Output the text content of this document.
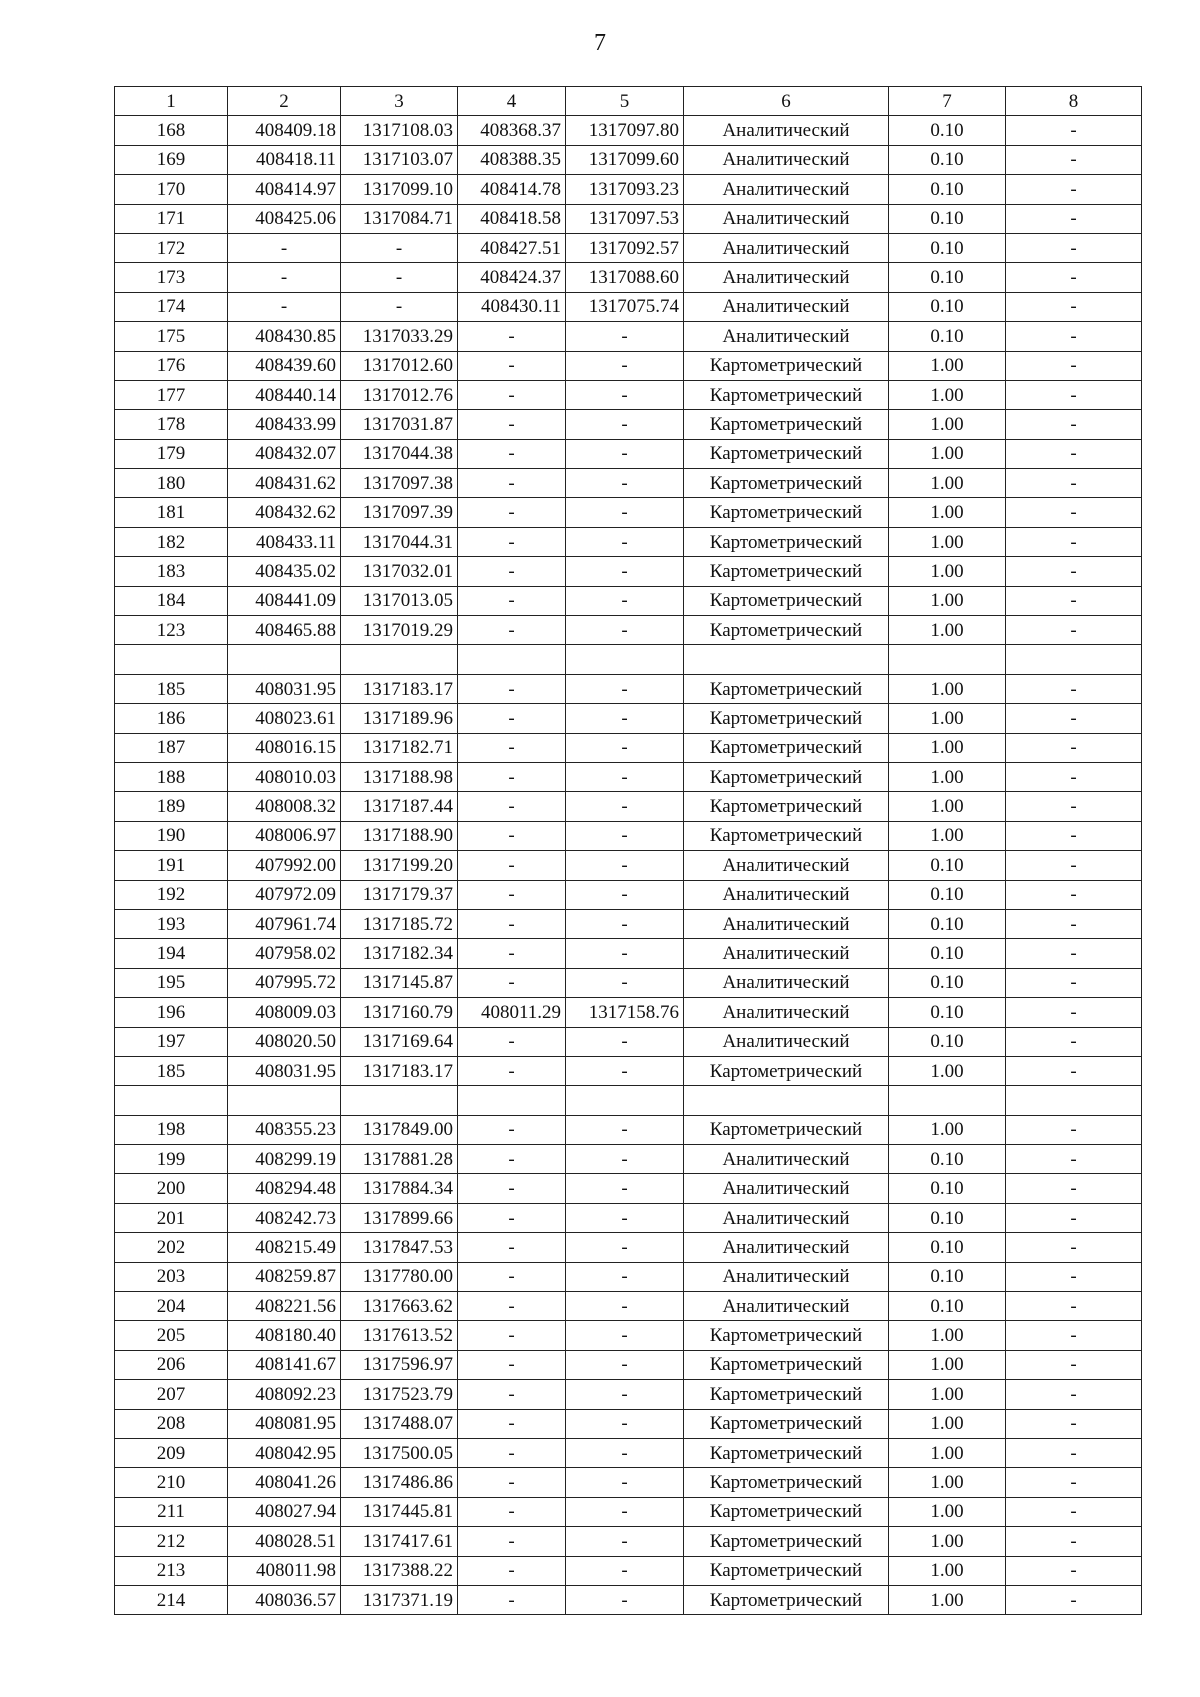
7
1	2	3	4	5	6	7	8
168	408409.18	1317108.03	408368.37	1317097.80	Аналитический	0.10	-
169	408418.11	1317103.07	408388.35	1317099.60	Аналитический	0.10	-
170	408414.97	1317099.10	408414.78	1317093.23	Аналитический	0.10	-
171	408425.06	1317084.71	408418.58	1317097.53	Аналитический	0.10	-
172	-	-	408427.51	1317092.57	Аналитический	0.10	-
173	-	-	408424.37	1317088.60	Аналитический	0.10	-
174	-	-	408430.11	1317075.74	Аналитический	0.10	-
175	408430.85	1317033.29	-	-	Аналитический	0.10	-
176	408439.60	1317012.60	-	-	Картометрический	1.00	-
177	408440.14	1317012.76	-	-	Картометрический	1.00	-
178	408433.99	1317031.87	-	-	Картометрический	1.00	-
179	408432.07	1317044.38	-	-	Картометрический	1.00	-
180	408431.62	1317097.38	-	-	Картометрический	1.00	-
181	408432.62	1317097.39	-	-	Картометрический	1.00	-
182	408433.11	1317044.31	-	-	Картометрический	1.00	-
183	408435.02	1317032.01	-	-	Картометрический	1.00	-
184	408441.09	1317013.05	-	-	Картометрический	1.00	-
123	408465.88	1317019.29	-	-	Картометрический	1.00	-

185	408031.95	1317183.17	-	-	Картометрический	1.00	-
186	408023.61	1317189.96	-	-	Картометрический	1.00	-
187	408016.15	1317182.71	-	-	Картометрический	1.00	-
188	408010.03	1317188.98	-	-	Картометрический	1.00	-
189	408008.32	1317187.44	-	-	Картометрический	1.00	-
190	408006.97	1317188.90	-	-	Картометрический	1.00	-
191	407992.00	1317199.20	-	-	Аналитический	0.10	-
192	407972.09	1317179.37	-	-	Аналитический	0.10	-
193	407961.74	1317185.72	-	-	Аналитический	0.10	-
194	407958.02	1317182.34	-	-	Аналитический	0.10	-
195	407995.72	1317145.87	-	-	Аналитический	0.10	-
196	408009.03	1317160.79	408011.29	1317158.76	Аналитический	0.10	-
197	408020.50	1317169.64	-	-	Аналитический	0.10	-
185	408031.95	1317183.17	-	-	Картометрический	1.00	-

198	408355.23	1317849.00	-	-	Картометрический	1.00	-
199	408299.19	1317881.28	-	-	Аналитический	0.10	-
200	408294.48	1317884.34	-	-	Аналитический	0.10	-
201	408242.73	1317899.66	-	-	Аналитический	0.10	-
202	408215.49	1317847.53	-	-	Аналитический	0.10	-
203	408259.87	1317780.00	-	-	Аналитический	0.10	-
204	408221.56	1317663.62	-	-	Аналитический	0.10	-
205	408180.40	1317613.52	-	-	Картометрический	1.00	-
206	408141.67	1317596.97	-	-	Картометрический	1.00	-
207	408092.23	1317523.79	-	-	Картометрический	1.00	-
208	408081.95	1317488.07	-	-	Картометрический	1.00	-
209	408042.95	1317500.05	-	-	Картометрический	1.00	-
210	408041.26	1317486.86	-	-	Картометрический	1.00	-
211	408027.94	1317445.81	-	-	Картометрический	1.00	-
212	408028.51	1317417.61	-	-	Картометрический	1.00	-
213	408011.98	1317388.22	-	-	Картометрический	1.00	-
214	408036.57	1317371.19	-	-	Картометрический	1.00	-
